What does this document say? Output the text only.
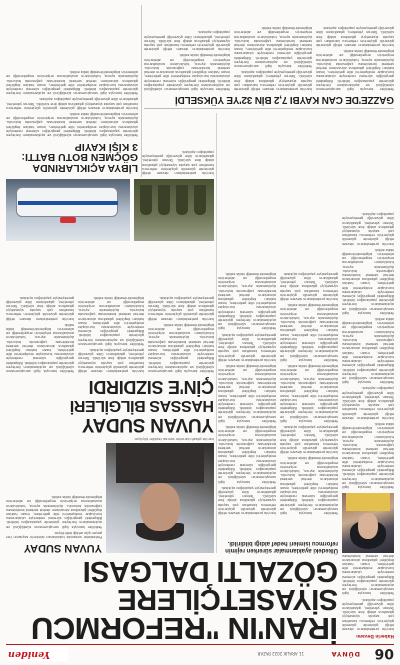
06
DÜNYA
11 ARALIK 2022 PAZAR
Yeniden
İRAN'IN "REFORMCU
SİYASETÇİLERE
GÖZALTI DALGASI
Haberin Devamı

İran'da protestoların devam ettiği günlerde güvenlik güçlerinin reformcu kanattan çok sayıda siyasetçiyi gözaltına aldığı öne sürüldü. Tahran yönetimi, gözaltıların ülke güvenliği gerekçesiyle yapıldığını açıkladı.

Yetkililer konuyla ilgili soruşturmanın sürdüğünü ve açıklamaların ilerleyen günlerde yapılacağını bildirdi. Bölgedeki gerginliğin sürmesi nedeniyle uluslararası kuruluşlar endişelerini dile getirirken, insan hakları örgütleri gözaltına alınanların derhal serbest bırakılması

Ülkedeki ayaklanmalar sürerken rejimin reformcu isimleri hedef aldığı bildirildi.

Yetkililer konuyla ilgili soruşturmanın sürdüğünü ve açıklamaların ilerleyen günlerde yapılacağını bildirdi. Bölgedeki gerginliğin sürmesi nedeniyle uluslararası kuruluşlar endişelerini dile getirirken, insan hakları örgütleri gözaltına alınanların derhal serbest bırakılması çağrısında bulundu. Açıklamada ayrıca, tutukluların avukatlarına erişiminin engellendiği ve ailelerinin bilgilendirilmediği iddia edildi.

İran'da protestoların devam ettiği günlerde güvenlik güçlerinin reformcu kanattan çok sayıda siyasetçiyi gözaltına aldığı öne sürüldü. Tahran yönetimi, gözaltıların ülke güvenliği gerekçesiyle yapıldığını açıkladı.

Yetkililer konuyla ilgili soruşturmanın sürdüğünü ve açıklamaların ilerleyen günlerde yapılacağını bildirdi. Bölgedeki gerginliğin sürmesi nedeniyle uluslararası kuruluşlar endişelerini dile getirirken, insan hakları örgütleri gözaltına alınanların derhal serbest bırakılması çağrısında bulundu. Açıklamada ayrıca, tutukluların avukatlarına erişiminin engellendiği ve ailelerinin bilgilendirilmediği iddia edildi.

Yetkililer konuyla ilgili soruşturmanın sürdüğünü ve açıklamaların ilerleyen günlerde yapılacağını bildirdi. Bölgedeki gerginliğin sürmesi nedeniyle uluslararası kuruluşlar endişelerini dile getirirken, insan hakları örgütleri gözaltına alınanların derhal serbest bırakılması çağrısında bulundu. Açıklamada ayrıca, tutukluların avukatlarına erişiminin engellendiği ve ailelerinin bilgilendirilmediği iddia edildi.

İran'da protestoların devam ettiği günlerde güvenlik güçlerinin reformcu kanattan çok sayıda siyasetçiyi gözaltına aldığı öne sürüldü. Tahran yönetimi, gözaltıların ülke güvenliği gerekçesiyle yapıldığını açıkladı.

Yetkililer konuyla ilgili soruşturmanın sürdüğünü ve açıklamaların ilerleyen günlerde yapılacağını bildirdi. Bölgedeki gerginliğin sürmesi nedeniyle uluslararası kuruluşlar endişelerini dile getirirken, insan hakları örgütleri gözaltına alınanların derhal serbest bırakılması çağrısında bulundu. Açıklamada ayrıca, tutukluların avukatlarına erişiminin engellendiği ve ailelerinin bilgilendirilmediği iddia edildi.

İran'da protestoların devam ettiği günlerde güvenlik güçlerinin reformcu kanattan çok sayıda siyasetçiyi gözaltına aldığı öne sürüldü. Tahran yönetimi, gözaltıların ülke güvenliği gerekçesiyle yapıldığını açıkladı.

Yetkililer konuyla ilgili soruşturmanın sürdüğünü ve açıklamaların ilerleyen günlerde yapılacağını bildirdi. Bölgedeki gerginliğin sürmesi nedeniyle uluslararası kuruluşlar endişelerini dile getirirken, insan hakları örgütleri gözaltına alınanların derhal serbest bırakılması çağrısında bulundu. Açıklamada ayrıca, tutukluların avukatlarına erişiminin engellendiği ve ailelerinin bilgilendirilmediği iddia edildi.

Yetkililer konuyla ilgili soruşturmanın sürdüğünü ve açıklamaların ilerleyen günlerde yapılacağını bildirdi. Bölgedeki gerginliğin sürmesi nedeniyle uluslararası kuruluşlar endişelerini dile getirirken, insan hakları örgütleri gözaltına alınanların derhal serbest bırakılması çağrısında bulundu. Açıklamada ayrıca, tutukluların avukatlarına erişiminin engellendiği ve ailelerinin bilgilendirilmediği iddia edildi.

İran'da protestoların devam ettiği günlerde güvenlik güçlerinin reformcu kanattan çok sayıda siyasetçiyi gözaltına aldığı öne sürüldü. Tahran yönetimi, gözaltıların ülke güvenliği gerekçesiyle yapıldığını açıkladı.

İran'da protestoların devam ettiği günlerde güvenlik güçlerinin reformcu kanattan çok sayıda siyasetçiyi gözaltına aldığı öne sürüldü. Tahran yönetimi, gözaltıların ülke güvenliği gerekçesiyle yapıldığını açıkladı.

Yetkililer konuyla ilgili soruşturmanın sürdüğünü ve açıklamaların ilerleyen günlerde yapılacağını bildirdi. Bölgedeki gerginliğin sürmesi nedeniyle uluslararası kuruluşlar endişelerini dile getirirken, insan hakları örgütleri gözaltına alınanların derhal serbest bırakılması çağrısında bulundu. Açıklamada ayrıca, tutukluların avukatlarına erişiminin engellendiği ve ailelerinin bilgilendirilmediği iddia edildi.

Yetkililer konuyla ilgili soruşturmanın sürdüğünü ve açıklamaların ilerleyen günlerde yapılacağını bildirdi. Bölgedeki gerginliğin sürmesi nedeniyle uluslararası kuruluşlar endişelerini dile getirirken, insan hakları örgütleri gözaltına alınanların derhal serbest bırakılması çağrısında bulundu. Açıklamada ayrıca, tutukluların avukatlarına erişiminin engellendiği ve ailelerinin bilgilendirilmediği iddia edildi.

İran'da protestoların devam ettiği günlerde güvenlik güçlerinin reformcu kanattan çok sayıda siyasetçiyi gözaltına aldığı öne sürüldü. Tahran yönetimi, gözaltıların ülke güvenliği gerekçesiyle yapıldığını açıkladı.

Yetkililer konuyla ilgili soruşturmanın sürdüğünü ve açıklamaların ilerleyen günlerde yapılacağını bildirdi. Bölgedeki gerginliğin sürmesi nedeniyle uluslararası kuruluşlar endişelerini dile getirirken, insan hakları örgütleri gözaltına alınanların derhal serbest bırakılması çağrısında bulundu. Açıklamada ayrıca, tutukluların avukatlarına erişiminin engellendiği ve ailelerinin bilgilendirilmediği iddia edildi.

İran'da gözaltı kararları sonrası tepkiler büyüyor.
YUVAN SUDAY

Protestolar sırasında tutuklanan isimlerin sayısının her geçen gün arttığı belirtiliyor.

Yetkililer konuyla ilgili soruşturmanın sürdüğünü ve açıklamaların ilerleyen günlerde yapılacağını bildirdi. Bölgedeki gerginliğin sürmesi nedeniyle uluslararası kuruluşlar endişelerini dile getirirken, insan hakları örgütleri gözaltına alınanların derhal serbest bırakılması çağrısında bulundu. Açıklamada ayrıca, tutukluların avukatlarına erişiminin engellendiği ve ailelerinin bilgilendirilmediği iddia edildi.

YUVAN SUDAY
HASSAS BİLGİLERİ
ÇİN'E SIZDIRDI

Yetkililer konuyla ilgili soruşturmanın sürdüğünü ve açıklamaların ilerleyen günlerde yapılacağını bildirdi. Bölgedeki gerginliğin sürmesi nedeniyle uluslararası kuruluşlar endişelerini dile getirirken, insan hakları örgütleri gözaltına alınanların derhal serbest bırakılması çağrısında bulundu. Açıklamada ayrıca, tutukluların avukatlarına erişiminin engellendiği ve ailelerinin bilgilendirilmediği iddia edildi.

İran'da protestoların devam ettiği günlerde güvenlik güçlerinin reformcu kanattan çok sayıda siyasetçiyi gözaltına aldığı öne sürüldü. Tahran yönetimi, gözaltıların ülke güvenliği gerekçesiyle yapıldığını açıkladı.

İran'da protestoların devam ettiği günlerde güvenlik güçlerinin reformcu kanattan çok sayıda siyasetçiyi gözaltına aldığı öne sürüldü. Tahran yönetimi, gözaltıların ülke güvenliği gerekçesiyle yapıldığını açıkladı.

Yetkililer konuyla ilgili soruşturmanın sürdüğünü ve açıklamaların ilerleyen günlerde yapılacağını bildirdi. Bölgedeki gerginliğin sürmesi nedeniyle uluslararası kuruluşlar endişelerini dile getirirken, insan hakları örgütleri gözaltına alınanların derhal serbest bırakılması çağrısında bulundu. Açıklamada ayrıca, tutukluların avukatlarına erişiminin engellendiği ve ailelerinin bilgilendirilmediği iddia edildi.

Yetkililer konuyla ilgili soruşturmanın sürdüğünü ve açıklamaların ilerleyen günlerde yapılacağını bildirdi. Bölgedeki gerginliğin sürmesi nedeniyle uluslararası kuruluşlar endişelerini dile getirirken, insan hakları örgütleri gözaltına alınanların derhal serbest bırakılması çağrısında bulundu. Açıklamada ayrıca, tutukluların avukatlarına erişiminin engellendiği ve ailelerinin bilgilendirilmediği iddia edildi.

İran'da protestoların devam ettiği günlerde güvenlik güçlerinin reformcu kanattan çok sayıda siyasetçiyi gözaltına aldığı öne sürüldü. Tahran yönetimi, gözaltıların ülke güvenliği gerekçesiyle yapıldığını açıkladı.

İran'da protestoların devam ettiği günlerde güvenlik güçlerinin reformcu kanattan çok sayıda siyasetçiyi gözaltına aldığı öne sürüldü. Tahran yönetimi, gözaltıların ülke güvenliği gerekçesiyle yapıldığını açıkladı.

LİBYA AÇIKLARINDA
GÖÇMEN BOTU BATTI:
3 KİŞİ KAYIP

Yetkililer konuyla ilgili soruşturmanın sürdüğünü ve açıklamaların ilerleyen günlerde yapılacağını bildirdi. Bölgedeki gerginliğin sürmesi nedeniyle uluslararası kuruluşlar endişelerini dile getirirken, insan hakları örgütleri gözaltına alınanların derhal serbest bırakılması çağrısında bulundu. Açıklamada ayrıca, tutukluların avukatlarına erişiminin engellendiği ve ailelerinin bilgilendirilmediği iddia edildi.

İran'da protestoların devam ettiği günlerde güvenlik güçlerinin reformcu kanattan çok sayıda siyasetçiyi gözaltına aldığı öne sürüldü. Tahran yönetimi, gözaltıların ülke güvenliği gerekçesiyle yapıldığını açıkladı.

Yetkililer konuyla ilgili soruşturmanın sürdüğünü ve açıklamaların ilerleyen günlerde yapılacağını bildirdi. Bölgedeki gerginliğin sürmesi nedeniyle uluslararası kuruluşlar endişelerini dile getirirken, insan hakları örgütleri gözaltına alınanların derhal serbest bırakılması çağrısında bulundu. Açıklamada ayrıca, tutukluların avukatlarına erişiminin engellendiği ve ailelerinin bilgilendirilmediği iddia edildi.

GAZZE'DE CAN KAYBI 7,2 BİN 32'YE YÜKSELDİ

Yetkililer konuyla ilgili soruşturmanın sürdüğünü ve açıklamaların ilerleyen günlerde yapılacağını bildirdi. Bölgedeki gerginliğin sürmesi nedeniyle uluslararası kuruluşlar endişelerini dile getirirken, insan hakları örgütleri gözaltına alınanların derhal serbest bırakılması çağrısında bulundu. Açıklamada ayrıca, tutukluların avukatlarına erişiminin engellendiği ve ailelerinin bilgilendirilmediği iddia edildi.

İran'da protestoların devam ettiği günlerde güvenlik güçlerinin reformcu kanattan çok sayıda siyasetçiyi gözaltına aldığı öne sürüldü. Tahran yönetimi, gözaltıların ülke güvenliği gerekçesiyle yapıldığını açıkladı.

İran'da protestoların devam ettiği günlerde güvenlik güçlerinin reformcu kanattan çok sayıda siyasetçiyi gözaltına aldığı öne sürüldü. Tahran yönetimi, gözaltıların ülke güvenliği gerekçesiyle yapıldığını açıkladı.

Yetkililer konuyla ilgili soruşturmanın sürdüğünü ve açıklamaların ilerleyen günlerde yapılacağını bildirdi. Bölgedeki gerginliğin sürmesi nedeniyle uluslararası kuruluşlar endişelerini dile getirirken, insan hakları örgütleri gözaltına alınanların derhal serbest bırakılması çağrısında bulundu. Açıklamada ayrıca, tutukluların avukatlarına erişiminin engellendiği ve ailelerinin bilgilendirilmediği iddia edildi.

Yetkililer konuyla ilgili soruşturmanın sürdüğünü ve açıklamaların ilerleyen günlerde yapılacağını bildirdi. Bölgedeki gerginliğin sürmesi nedeniyle uluslararası kuruluşlar endişelerini dile getirirken, insan hakları örgütleri gözaltına alınanların derhal serbest bırakılması çağrısında bulundu. Açıklamada ayrıca, tutukluların avukatlarına erişiminin engellendiği ve ailelerinin bilgilendirilmediği iddia edildi.

İran'da protestoların devam ettiği günlerde güvenlik güçlerinin reformcu kanattan çok sayıda siyasetçiyi gözaltına aldığı öne sürüldü. Tahran yönetimi, gözaltıların ülke güvenliği gerekçesiyle yapıldığını açıkladı.
